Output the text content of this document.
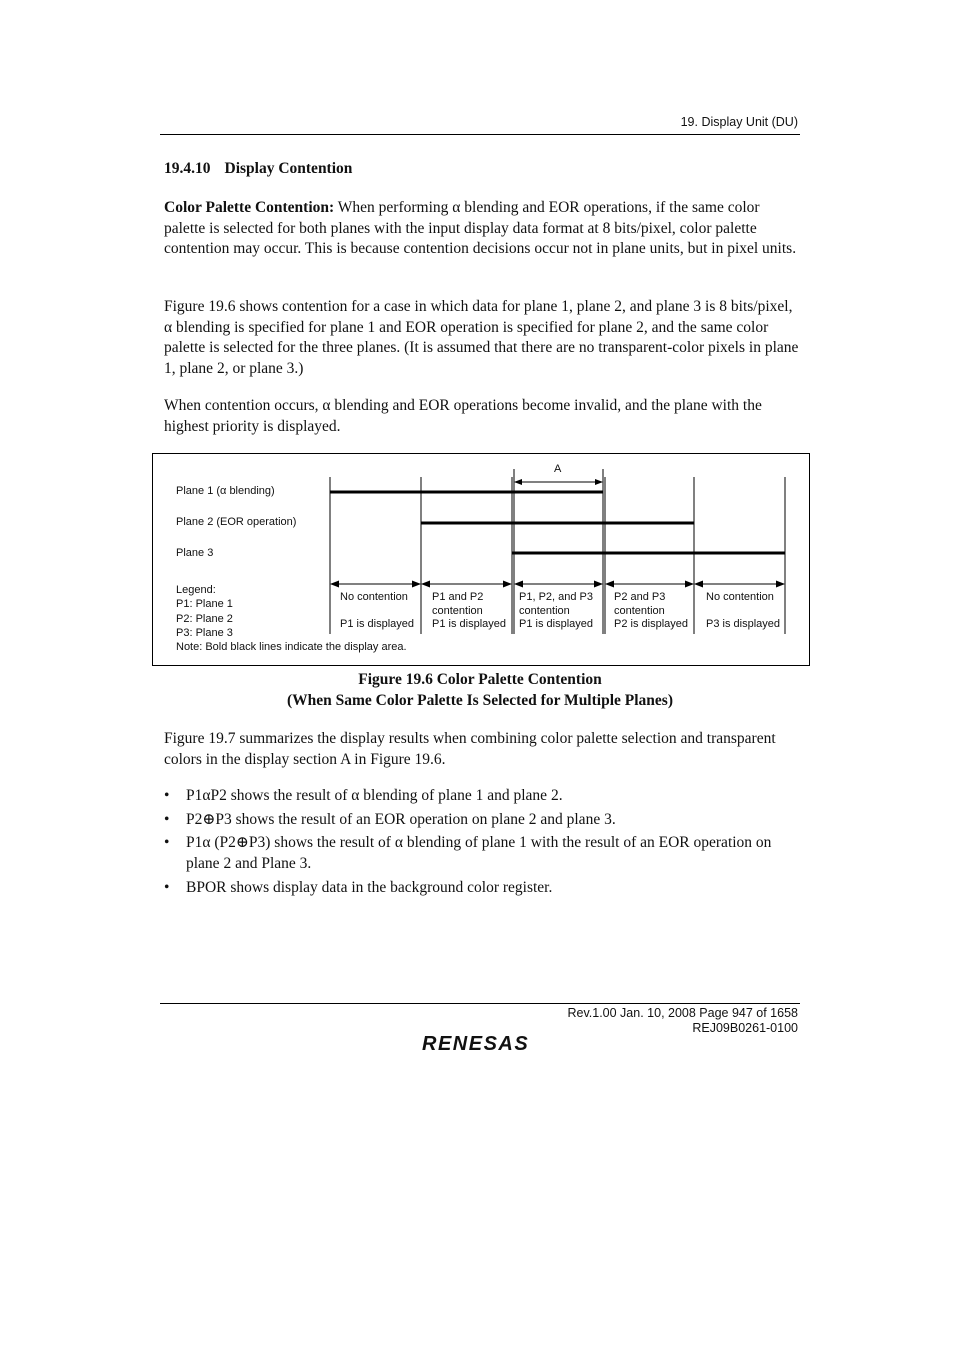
19. Display Unit (DU)
19.4.10 Display Contention
Color Palette Contention: When performing α blending and EOR operations, if the same color palette is selected for both planes with the input display data format at 8 bits/pixel, color palette contention may occur. This is because contention decisions occur not in plane units, but in pixel units.
Figure 19.6 shows contention for a case in which data for plane 1, plane 2, and plane 3 is 8 bits/pixel, α blending is specified for plane 1 and EOR operation is specified for plane 2, and the same color palette is selected for the three planes. (It is assumed that there are no transparent-color pixels in plane 1, plane 2, or plane 3.)
When contention occurs, α blending and EOR operations become invalid, and the plane with the highest priority is displayed.
A
Plane 1 (α blending)
Plane 2 (EOR operation)
Plane 3
Legend:
P1: Plane 1
P2: Plane 2
P3: Plane 3
Note: Bold black lines indicate the display area.
No contention
P1 is displayed
P1 and P2
contention
P1 is displayed
P1, P2, and P3
contention
P1 is displayed
P2 and P3
contention
P2 is displayed
No contention
P3 is displayed
Figure 19.6 Color Palette Contention
(When Same Color Palette Is Selected for Multiple Planes)
Figure 19.7 summarizes the display results when combining color palette selection and transparent colors in the display section A in Figure 19.6.
• P1αP2 shows the result of α blending of plane 1 and plane 2.
• P2⊕P3 shows the result of an EOR operation on plane 2 and plane 3.
• P1α (P2⊕P3) shows the result of α blending of plane 1 with the result of an EOR operation on plane 2 and Plane 3.
• BPOR shows display data in the background color register.
Rev.1.00 Jan. 10, 2008 Page 947 of 1658
REJ09B0261-0100
RENESAS
